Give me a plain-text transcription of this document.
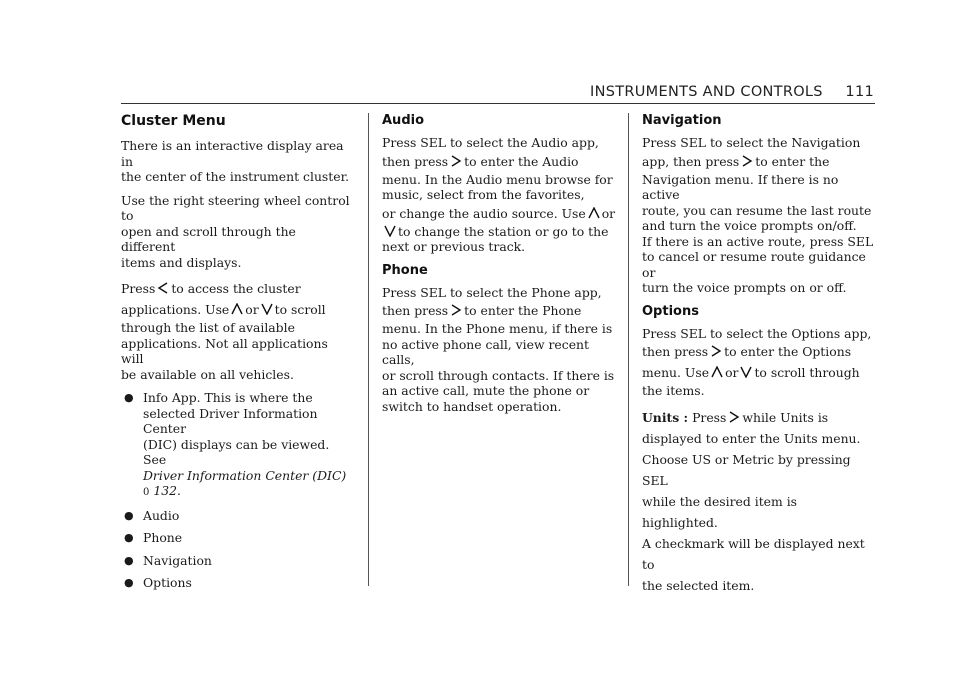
INSTRUMENTS AND CONTROLS 111
Cluster Menu

There is an interactive display area in
the center of the instrument cluster.

Use the right steering wheel control to
open and scroll through the different
items and displays.

Press to access the cluster
applications. Use or to scroll
through the list of available
applications. Not all applications will
be available on all vehicles.

● Info App. This is where the
selected Driver Information Center
(DIC) displays can be viewed. See
Driver Information Center (DIC)
0 132.
● Audio
● Phone
● Navigation
● Options
Audio

Press SEL to select the Audio app,
then press to enter the Audio
menu. In the Audio menu browse for
music, select from the favorites,
or change the audio source. Use or
to change the station or go to the
next or previous track.

Phone

Press SEL to select the Phone app,
then press to enter the Phone
menu. In the Phone menu, if there is
no active phone call, view recent calls,
or scroll through contacts. If there is
an active call, mute the phone or
switch to handset operation.

Navigation

Press SEL to select the Navigation
app, then press to enter the
Navigation menu. If there is no active
route, you can resume the last route
and turn the voice prompts on/off.
If there is an active route, press SEL
to cancel or resume route guidance or
turn the voice prompts on or off.

Options

Press SEL to select the Options app,
then press to enter the Options
menu. Use or to scroll through
the items.

Units : Press while Units is
displayed to enter the Units menu.
Choose US or Metric by pressing SEL
while the desired item is highlighted.
A checkmark will be displayed next to
the selected item.
